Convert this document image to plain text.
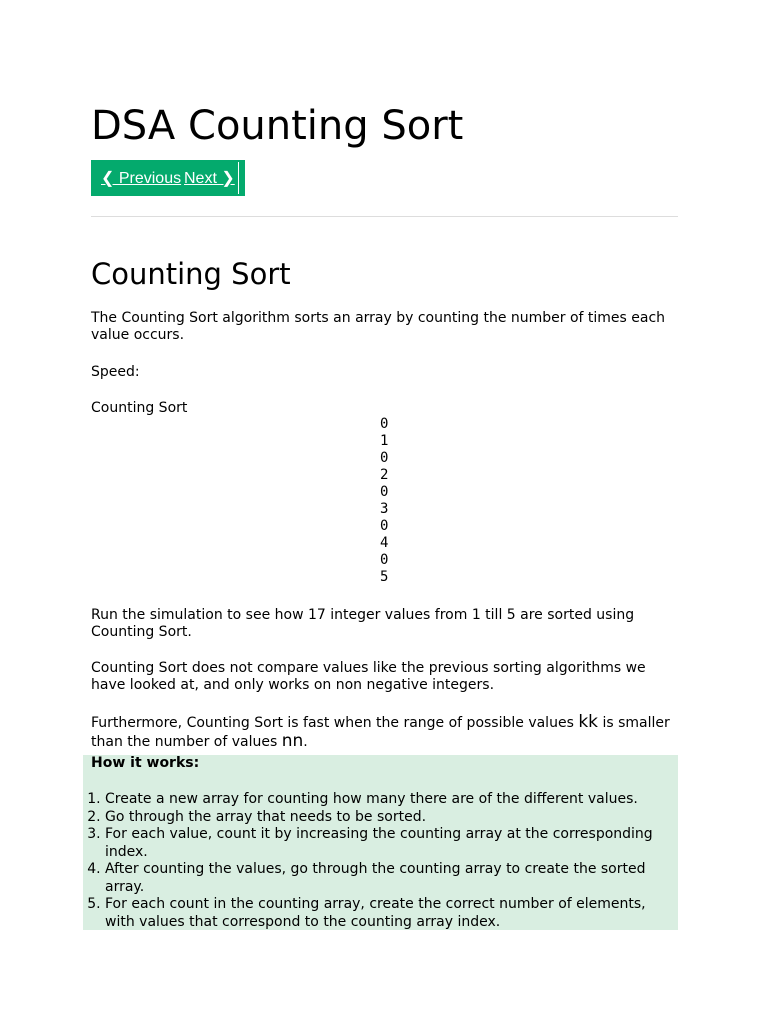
DSA Counting Sort
❮ Previous Next ❯
Counting Sort

The Counting Sort algorithm sorts an array by counting the number of times each value occurs.

Speed:

Counting Sort

0
1
0
2
0
3
0
4
0
5

Run the simulation to see how 17 integer values from 1 till 5 are sorted using Counting Sort.

Counting Sort does not compare values like the previous sorting algorithms we have looked at, and only works on non negative integers.

Furthermore, Counting Sort is fast when the range of possible values kk is smaller than the number of values nn.

How it works:

1. Create a new array for counting how many there are of the different values.
2. Go through the array that needs to be sorted.
3. For each value, count it by increasing the counting array at the corresponding index.
4. After counting the values, go through the counting array to create the sorted array.
5. For each count in the counting array, create the correct number of elements, with values that correspond to the counting array index.
